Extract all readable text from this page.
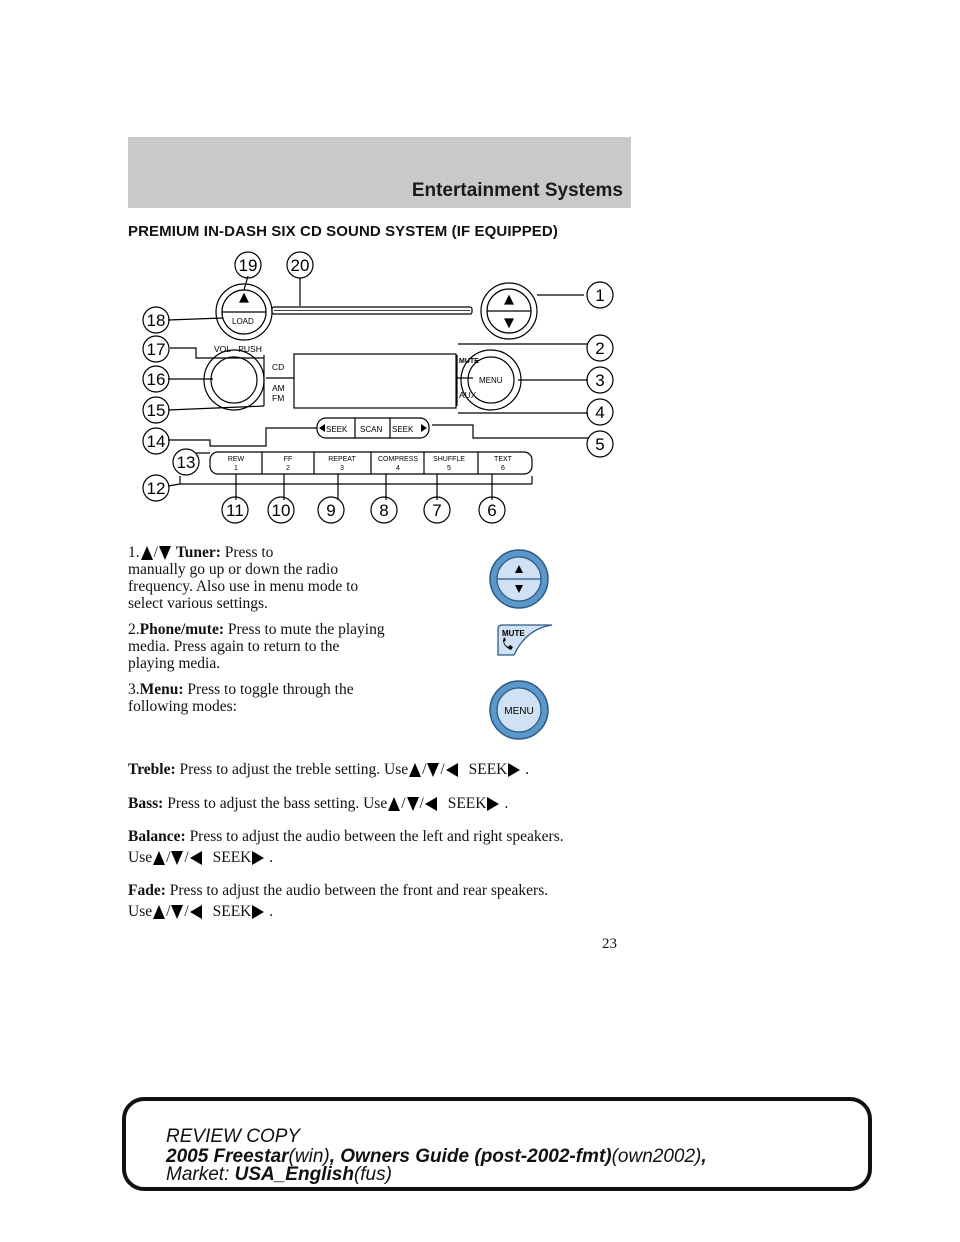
Entertainment Systems
PREMIUM IN-DASH SIX CD SOUND SYSTEM (IF EQUIPPED)
LOAD
VOL - PUSH
CD
AM
FM
MUTE
MENU
AUX
SEEK SCAN SEEK
REW
1
FF
2
REPEAT
3
COMPRESS
4
SHUFFLE
5
TEXT
6
19 20
1
18
2
17
3
16
4
15
5
14
13
12
11 10 9	8	7	6
1. / Tuner: Press to
manually go up or down the radio frequency. Also use in menu mode to select various settings.
2.Phone/mute: Press to mute the playing media. Press again to return to the playing media.
3.Menu: Press to toggle through the following modes:
MUTE
MENU
Treble: Press to adjust the treble setting. Use / / SEEK .
Bass: Press to adjust the bass setting. Use / / SEEK .
Balance: Press to adjust the audio between the left and right speakers.
Use / / SEEK .
Fade: Press to adjust the audio between the front and rear speakers.
Use / / SEEK .
23
REVIEW COPY
2005 Freestar(win), Owners Guide (post-2002-fmt)(own2002),
Market: USA_English(fus)
